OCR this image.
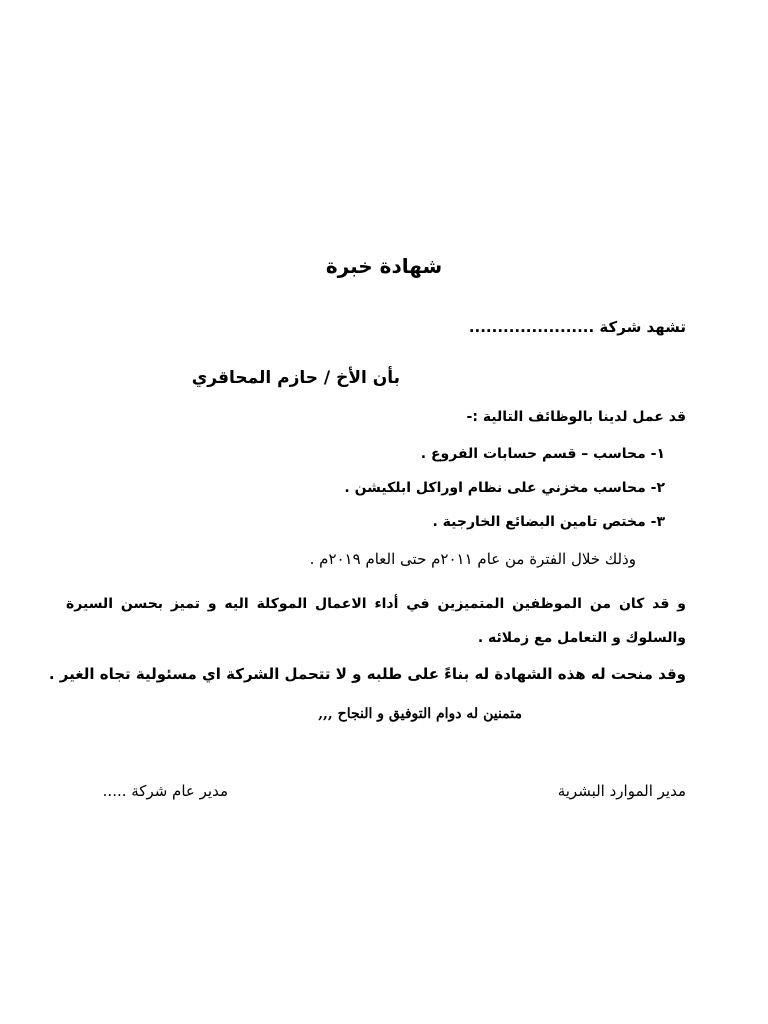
شهادة خبرة
تشهد شركة ......................
بأن الأخ / حازم المحاقري
قد عمل لدينا بالوظائف التالية :-
١- محاسب – قسم حسابات الفروع .
٢- محاسب مخزني على نظام اوراكل ابلكيشن .
٣- مختص تامين البضائع الخارجية .
وذلك خلال الفترة من عام ٢٠١١م حتى العام ٢٠١٩م .
و قد كان من الموظفين المتميزين في أداء الاعمال الموكلة اليه و تميز بحسن السيرة
والسلوك و التعامل مع زملائه .
وقد منحت له هذه الشهادة له بناءً على طلبه و لا تتحمل الشركة اي مسئولية تجاه الغير .
متمنين له دوام التوفيق و النجاح ,,,
مدير الموارد البشرية
مدير عام شركة .....
